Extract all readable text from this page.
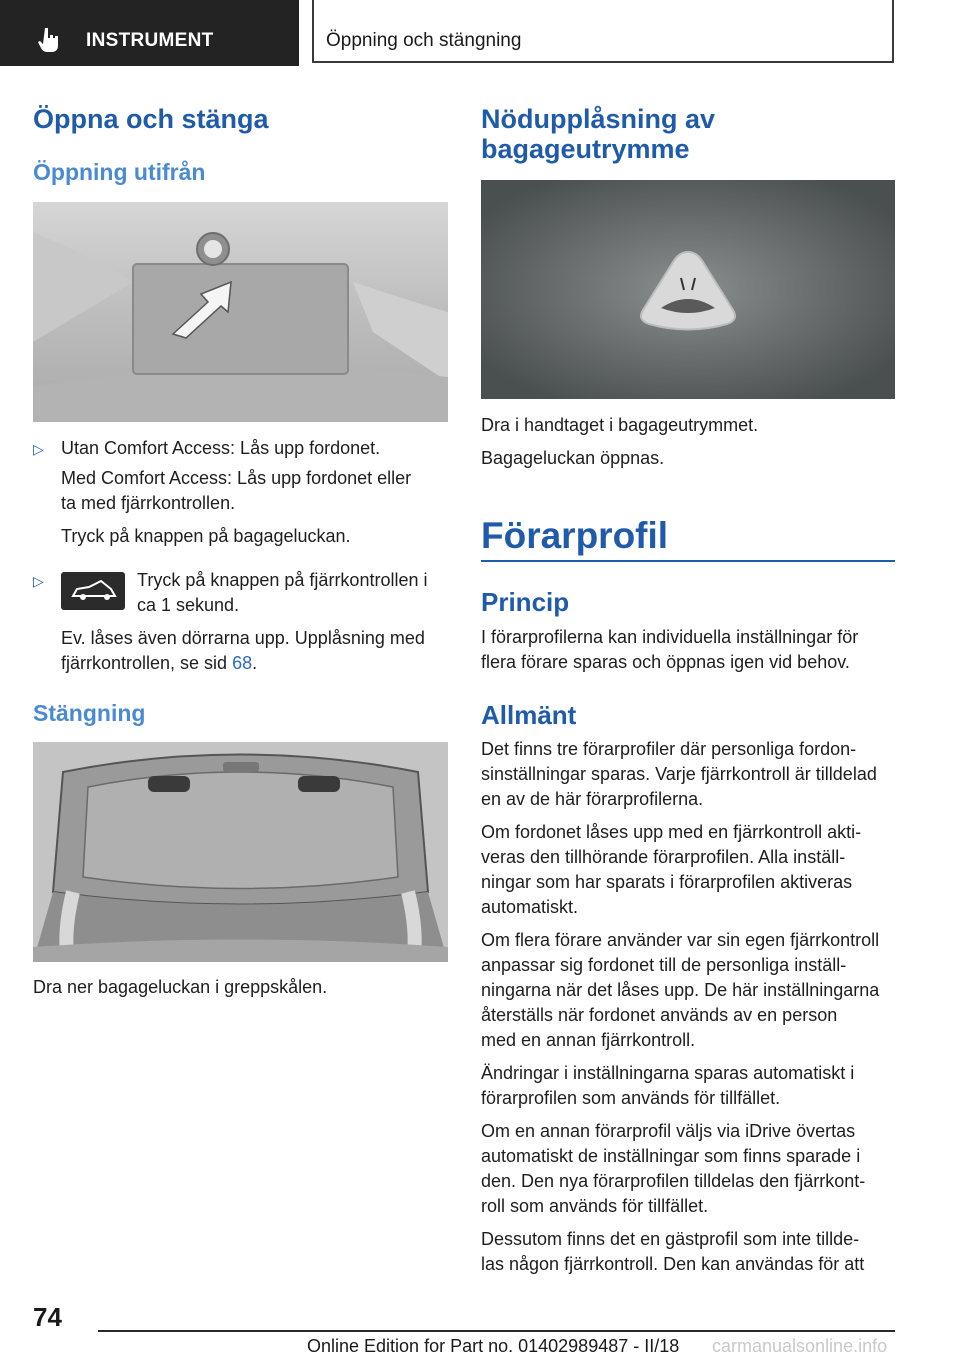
INSTRUMENT	Öppning och stängning
Öppna och stänga
Öppning utifrån
▷ Utan Comfort Access: Lås upp fordonet.

Med Comfort Access: Lås upp fordonet eller

ta med fjärrkontrollen.

Tryck på knappen på bagageluckan.

▷	Tryck på knappen på fjärrkontrollen i

ca 1 sekund.

Ev. låses även dörrarna upp. Upplåsning med

fjärrkontrollen, se sid 68.

Stängning

Dra ner bagageluckan i greppskålen.

Nödupplåsning av
bagageutrymme

Dra i handtaget i bagageutrymmet.

Bagageluckan öppnas.

Förarprofil
Princip

I förarprofilerna kan individuella inställningar för

flera förare sparas och öppnas igen vid behov.

Allmänt

Det finns tre förarprofiler där personliga fordon-

sinställningar sparas. Varje fjärrkontroll är tilldelad

en av de här förarprofilerna.

Om fordonet låses upp med en fjärrkontroll akti-

veras den tillhörande förarprofilen. Alla inställ-

ningar som har sparats i förarprofilen aktiveras

automatiskt.

Om flera förare använder var sin egen fjärrkontroll

anpassar sig fordonet till de personliga inställ-

ningarna när det låses upp. De här inställningarna

återställs när fordonet används av en person

med en annan fjärrkontroll.

Ändringar i inställningarna sparas automatiskt i

förarprofilen som används för tillfället.

Om en annan förarprofil väljs via iDrive övertas

automatiskt de inställningar som finns sparade i

den. Den nya förarprofilen tilldelas den fjärrkont-

roll som används för tillfället.

Dessutom finns det en gästprofil som inte tillde-

las någon fjärrkontroll. Den kan användas för att

74
Online Edition for Part no. 01402989487 - II/18 carmanualsonline.info
